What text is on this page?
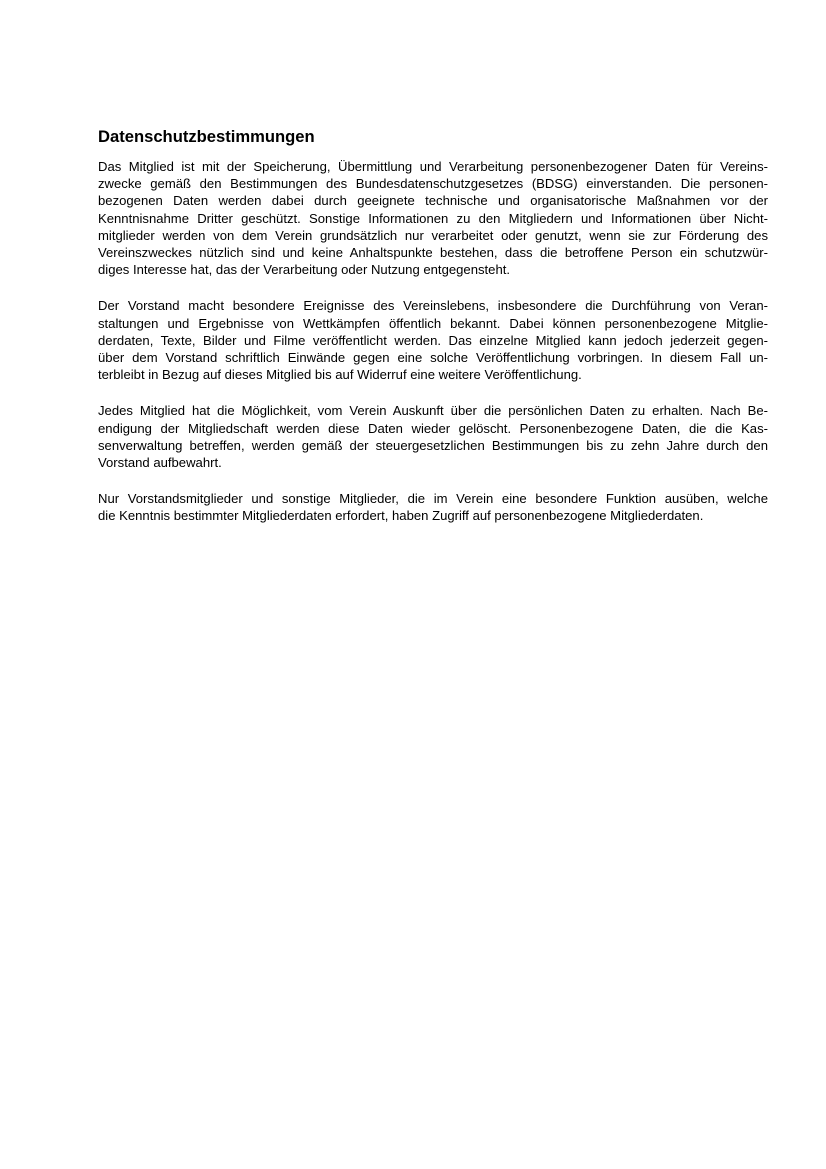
Datenschutzbestimmungen
Das Mitglied ist mit der Speicherung, Übermittlung und Verarbeitung personenbezogener Daten für Vereins-
zwecke gemäß den Bestimmungen des Bundesdatenschutzgesetzes (BDSG) einverstanden. Die personen-
bezogenen Daten werden dabei durch geeignete technische und organisatorische Maßnahmen vor der
Kenntnisnahme Dritter geschützt. Sonstige Informationen zu den Mitgliedern und Informationen über Nicht-
mitglieder werden von dem Verein grundsätzlich nur verarbeitet oder genutzt, wenn sie zur Förderung des
Vereinszweckes nützlich sind und keine Anhaltspunkte bestehen, dass die betroffene Person ein schutzwür-
diges Interesse hat, das der Verarbeitung oder Nutzung entgegensteht.
Der Vorstand macht besondere Ereignisse des Vereinslebens, insbesondere die Durchführung von Veran-
staltungen und Ergebnisse von Wettkämpfen öffentlich bekannt. Dabei können personenbezogene Mitglie-
derdaten, Texte, Bilder und Filme veröffentlicht werden. Das einzelne Mitglied kann jedoch jederzeit gegen-
über dem Vorstand schriftlich Einwände gegen eine solche Veröffentlichung vorbringen. In diesem Fall un-
terbleibt in Bezug auf dieses Mitglied bis auf Widerruf eine weitere Veröffentlichung.
Jedes Mitglied hat die Möglichkeit, vom Verein Auskunft über die persönlichen Daten zu erhalten. Nach Be-
endigung der Mitgliedschaft werden diese Daten wieder gelöscht. Personenbezogene Daten, die die Kas-
senverwaltung betreffen, werden gemäß der steuergesetzlichen Bestimmungen bis zu zehn Jahre durch den
Vorstand aufbewahrt.
Nur Vorstandsmitglieder und sonstige Mitglieder, die im Verein eine besondere Funktion ausüben, welche
die Kenntnis bestimmter Mitgliederdaten erfordert, haben Zugriff auf personenbezogene Mitgliederdaten.
